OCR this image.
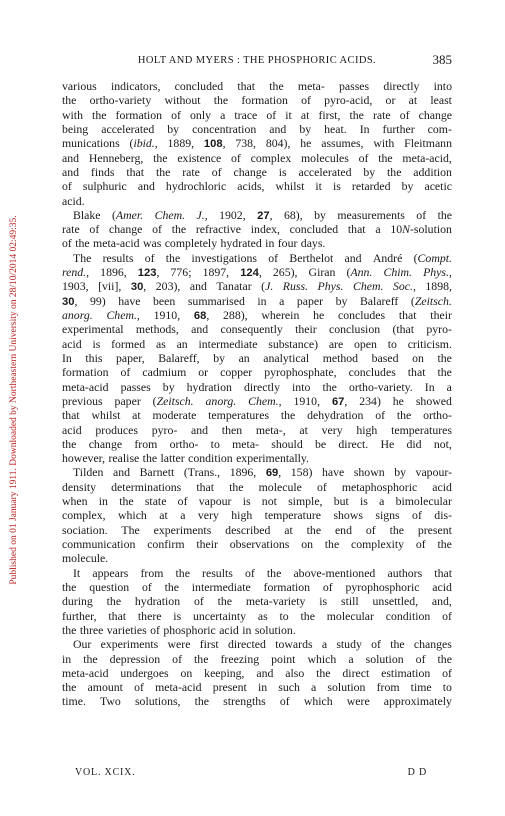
Published on 01 January 1911. Downloaded by Northeastern University on 28/10/2014 02:49:35.
HOLT AND MYERS : THE PHOSPHORIC ACIDS.	385
various indicators, concluded that the meta- passes directly into
the ortho-variety without the formation of pyro-acid, or at least
with the formation of only a trace of it at first, the rate of change
being accelerated by concentration and by heat. In further com-
munications (ibid., 1889, 108, 738, 804), he assumes, with Fleitmann
and Henneberg, the existence of complex molecules of the meta-acid,
and finds that the rate of change is accelerated by the addition
of sulphuric and hydrochloric acids, whilst it is retarded by acetic
acid.
Blake (Amer. Chem. J., 1902, 27, 68), by measurements of the
rate of change of the refractive index, concluded that a 10N-solution
of the meta-acid was completely hydrated in four days.
The results of the investigations of Berthelot and André (Compt.
rend., 1896, 123, 776; 1897, 124, 265), Giran (Ann. Chim. Phys.,
1903, [vii], 30, 203), and Tanatar (J. Russ. Phys. Chem. Soc., 1898,
30, 99) have been summarised in a paper by Balareff (Zeitsch.
anorg. Chem., 1910, 68, 288), wherein he concludes that their
experimental methods, and consequently their conclusion (that pyro-
acid is formed as an intermediate substance) are open to criticism.
In this paper, Balareff, by an analytical method based on the
formation of cadmium or copper pyrophosphate, concludes that the
meta-acid passes by hydration directly into the ortho-variety. In a
previous paper (Zeitsch. anorg. Chem., 1910, 67, 234) he showed
that whilst at moderate temperatures the dehydration of the ortho-
acid produces pyro- and then meta-, at very high temperatures
the change from ortho- to meta- should be direct. He did not,
however, realise the latter condition experimentally.
Tilden and Barnett (Trans., 1896, 69, 158) have shown by vapour-
density determinations that the molecule of metaphosphoric acid
when in the state of vapour is not simple, but is a bimolecular
complex, which at a very high temperature shows signs of dis-
sociation. The experiments described at the end of the present
communication confirm their observations on the complexity of the
molecule.
It appears from the results of the above-mentioned authors that
the question of the intermediate formation of pyrophosphoric acid
during the hydration of the meta-variety is still unsettled, and,
further, that there is uncertainty as to the molecular condition of
the three varieties of phosphoric acid in solution.
Our experiments were first directed towards a study of the changes
in the depression of the freezing point which a solution of the
meta-acid undergoes on keeping, and also the direct estimation of
the amount of meta-acid present in such a solution from time to
time. Two solutions, the strengths of which were approximately
VOL. XCIX.	D D
